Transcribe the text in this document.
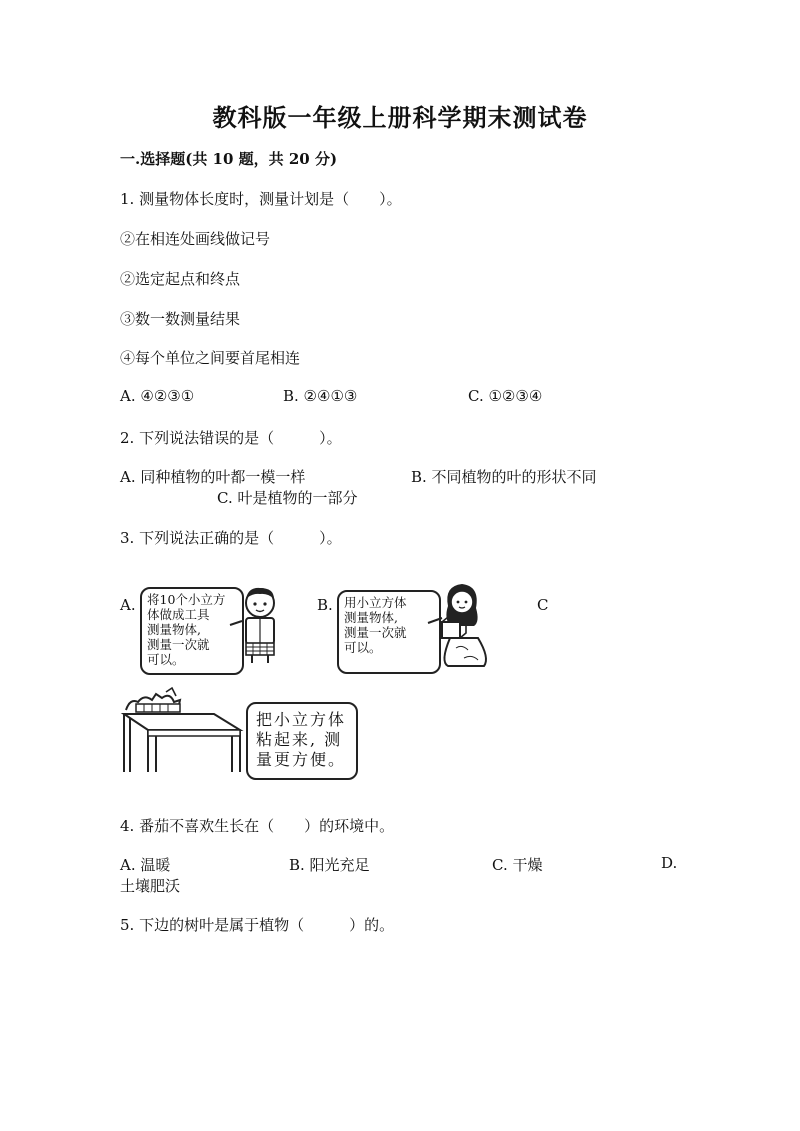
教科版一年级上册科学期末测试卷
一.选择题(共 10 题，共 20 分)
1. 测量物体长度时，测量计划是（　　）。
②在相连处画线做记号
②选定起点和终点
③数一数测量结果
④每个单位之间要首尾相连
A. ④②③①	B. ②④①③	C. ①②③④
2. 下列说法错误的是（　　　）。
A. 同种植物的叶都一模一样	B. 不同植物的叶的形状不同
C. 叶是植物的一部分
3. 下列说法正确的是（　　　）。
A. 将10个小立方
体做成工具
测量物体,
测量一次就
可以。
B. 用小立方体
测量物体,
测量一次就
可以。
C
把小立方体
粘起来, 测
量更方便。
4. 番茄不喜欢生长在（　　）的环境中。
A. 温暖	B. 阳光充足	C. 干燥	D.
土壤肥沃
5. 下边的树叶是属于植物（　　　）的。
